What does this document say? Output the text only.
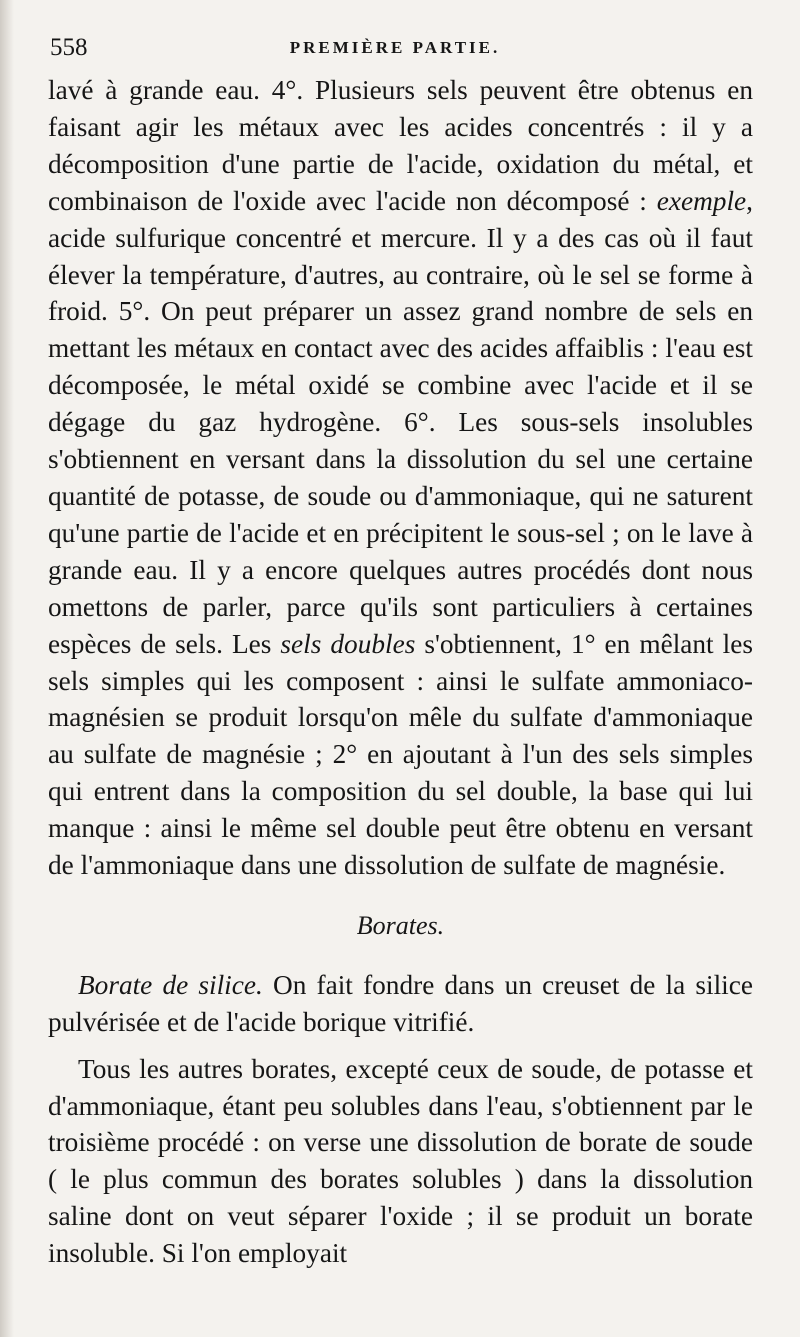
558	PREMIÈRE PARTIE.

lavé à grande eau. 4°. Plusieurs sels peuvent être obtenus en faisant agir les métaux avec les acides concentrés : il y a décomposition d'une partie de l'acide, oxidation du métal, et combinaison de l'oxide avec l'acide non décomposé : exemple, acide sulfurique concentré et mercure. Il y a des cas où il faut élever la température, d'autres, au contraire, où le sel se forme à froid. 5°. On peut préparer un assez grand nombre de sels en mettant les métaux en contact avec des acides affaiblis : l'eau est décomposée, le métal oxidé se combine avec l'acide et il se dégage du gaz hydrogène. 6°. Les sous-sels insolubles s'obtiennent en versant dans la dissolution du sel une certaine quantité de potasse, de soude ou d'ammoniaque, qui ne saturent qu'une partie de l'acide et en précipitent le sous-sel ; on le lave à grande eau. Il y a encore quelques autres procédés dont nous omettons de parler, parce qu'ils sont particuliers à certaines espèces de sels. Les sels doubles s'obtiennent, 1° en mêlant les sels simples qui les composent : ainsi le sulfate ammoniaco-magnésien se produit lorsqu'on mêle du sulfate d'ammoniaque au sulfate de magnésie ; 2° en ajoutant à l'un des sels simples qui entrent dans la composition du sel double, la base qui lui manque : ainsi le même sel double peut être obtenu en versant de l'ammoniaque dans une dissolution de sulfate de magnésie.

Borates.

Borate de silice. On fait fondre dans un creuset de la silice pulvérisée et de l'acide borique vitrifié.

Tous les autres borates, excepté ceux de soude, de potasse et d'ammoniaque, étant peu solubles dans l'eau, s'obtiennent par le troisième procédé : on verse une dissolution de borate de soude ( le plus commun des borates solubles ) dans la dissolution saline dont on veut séparer l'oxide ; il se produit un borate insoluble. Si l'on employait
